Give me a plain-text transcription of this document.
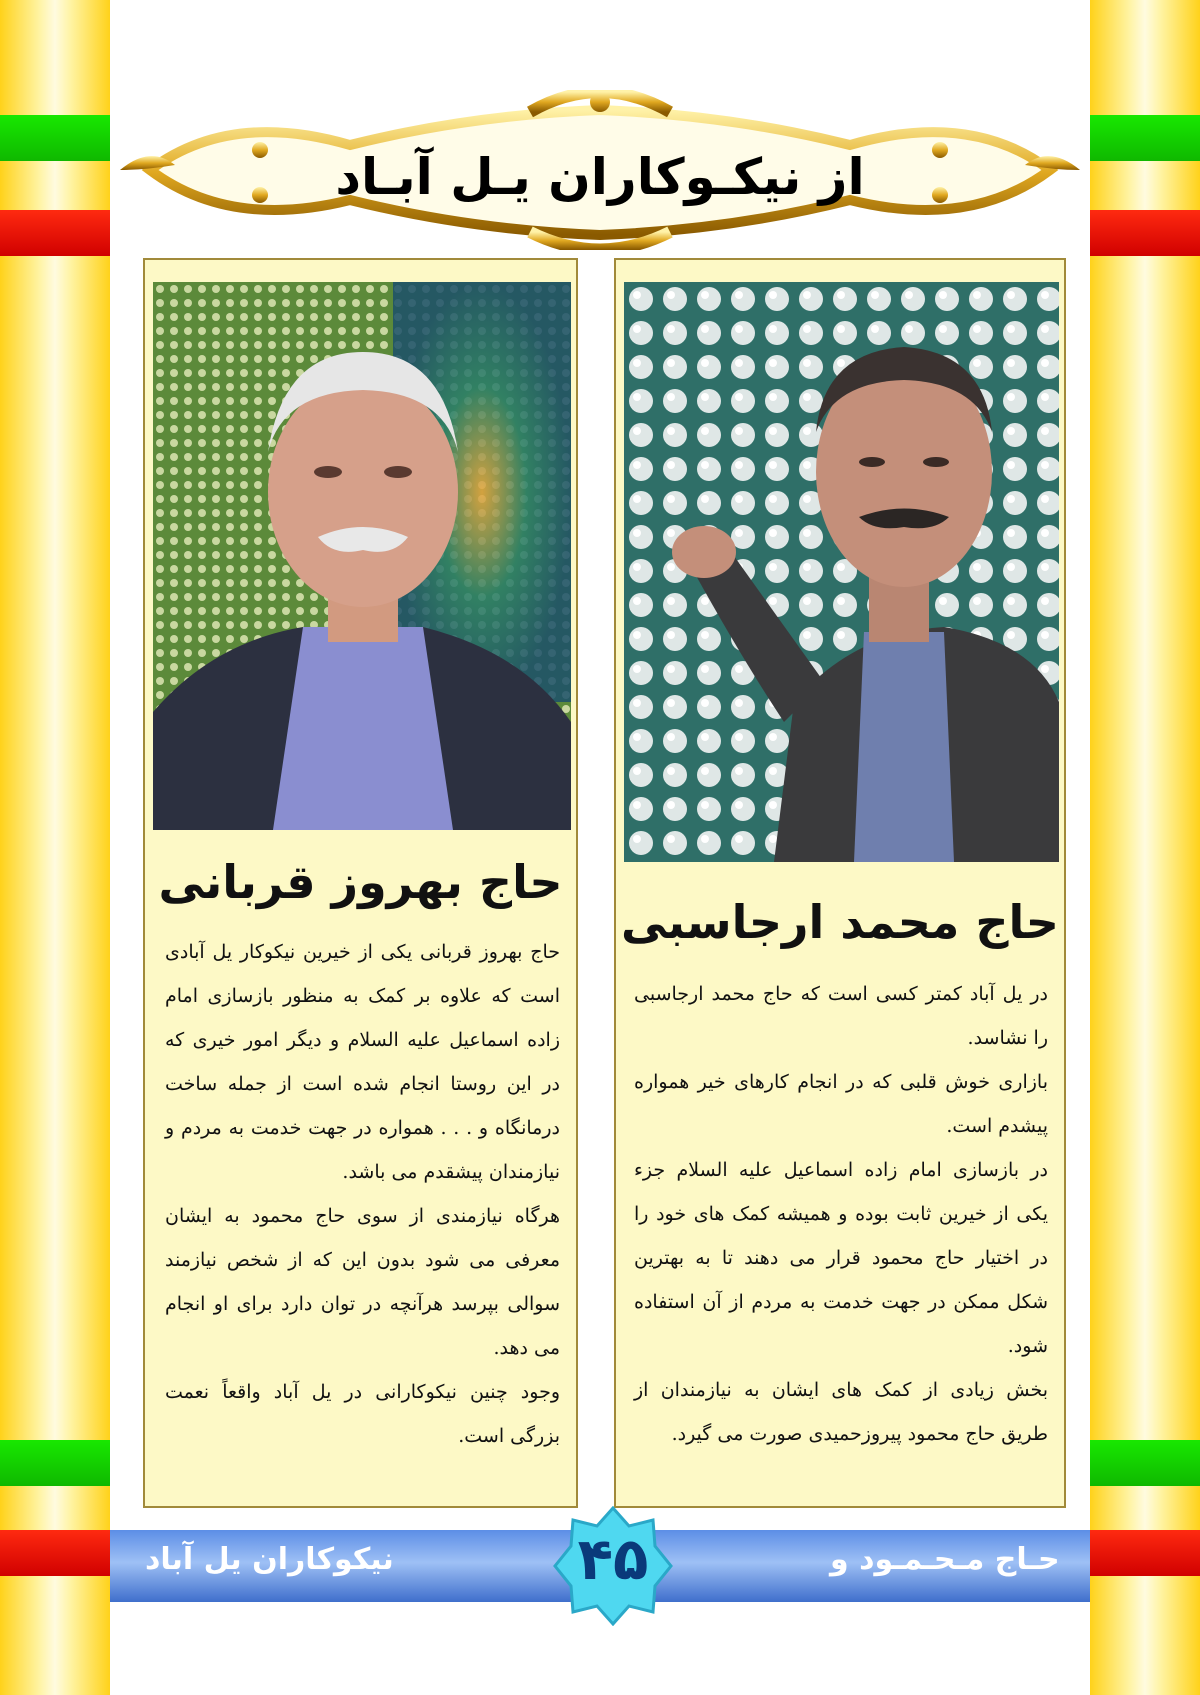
از نیکـوکاران یـل آبـاد
حاج بهروز قربانی

حاج بهروز قربانی یکی از خیرین نیکوکار یل آبادی است که علاوه بر کمک به منظور بازسازی امام زاده اسماعیل علیه السلام و دیگر امور خیری که در این روستا انجام شده است از جمله ساخت درمانگاه و . . . همواره در جهت خدمت به مردم و نیازمندان پیشقدم می باشد.

هرگاه نیازمندی از سوی حاج محمود به ایشان معرفی می شود بدون این که از شخص نیازمند سوالی بپرسد هرآنچه در توان دارد برای او انجام می دهد.

وجود چنین نیکوکارانی در یل آباد واقعاً نعمت بزرگی است.

حاج محمد ارجاسبی

در یل آباد کمتر کسی است که حاج محمد ارجاسبی را نشاسد.

بازاری خوش قلبی که در انجام کارهای خیر همواره پیشدم است.

در بازسازی امام زاده اسماعیل علیه السلام جزء یکی از خیرین ثابت بوده و همیشه کمک های خود را در اختیار حاج محمود قرار می دهند تا به بهترین شکل ممکن در جهت خدمت به مردم از آن استفاده شود.

بخش زیادی از کمک های ایشان به نیازمندان از طریق حاج محمود پیروزحمیدی صورت می گیرد.

نیکوکاران یل آباد	حـاج مـحـمـود و
۴۵
